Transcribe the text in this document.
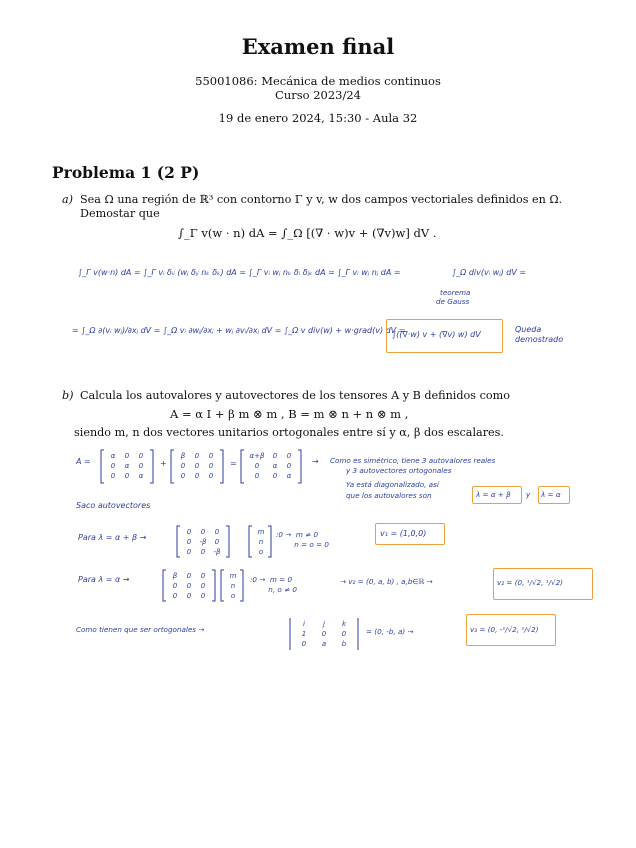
Examen final
55001086: Mecánica de medios continuos
Curso 2023/24
19 de enero 2024, 15:30 - Aula 32
Problema 1 (2 P)
a) Sea Ω una región de ℝ³ con contorno Γ y v, w dos campos vectoriales definidos en Ω.
Demostar que
∫_Γ v(w · n) dA = ∫_Ω [(∇ · w)v + (∇v)w] dV .
∫_Γ v(w·n) dA = ∫_Γ vᵢ δᵢᵢ (wⱼ δⱼᵢ nₖ δₖ) dA = ∫_Γ vᵢ wⱼ nₖ δᵢ δⱼₖ dA = ∫_Γ vᵢ wⱼ nⱼ dA =	∫_Ω div(vᵢ wⱼ) dV =
teorema
de Gauss
= ∫_Ω ∂(vᵢ wⱼ)/∂xⱼ dV = ∫_Ω vᵢ ∂wⱼ/∂xⱼ + wⱼ ∂vᵢ/∂xⱼ dV = ∫_Ω v div(w) + w·grad(v) dV =
∫((∇·w) v + (∇v) w) dV
Queda
demostrado
b) Calcula los autovalores y autovectores de los tensores A y B definidos como
A = α I + β m ⊗ m , B = m ⊗ n + n ⊗ m ,
siendo m, n dos vectores unitarios ortogonales entre sí y α, β dos escalares.
A =
α	0	0
0	α	0
0	0	α
+
β	0	0
0	0	0
0	0	0
=
α+β	0	0
0	α	0
0	0	α
→ Como es simétrico, tiene 3 autovalores reales
y 3 autovectores ortogonales
Ya está diagonalizado, así
que los autovalores son	λ = α + β y λ = α
Saco autovectores
Para λ = α + β →
0	0	0
0	-β	0
0	0	-β
m
n
o
:0 →  m ≠ 0
n = o = 0
v₁ = (1,0,0)
Para λ = α →	β	0	0
0	0	0
0	0	0
m
n
o
:0 →  m = 0
n, o ≠ 0
→ v₂ = (0, a, b) , a,b∈ℝ →	v₂ = (0, ¹/√2, ¹/√2)
Como tienen que ser ortogonales →
i	j	k
1	0	0
0	a	b
= (0, -b, a) →	v₃ = (0, -¹/√2, ¹/√2)
